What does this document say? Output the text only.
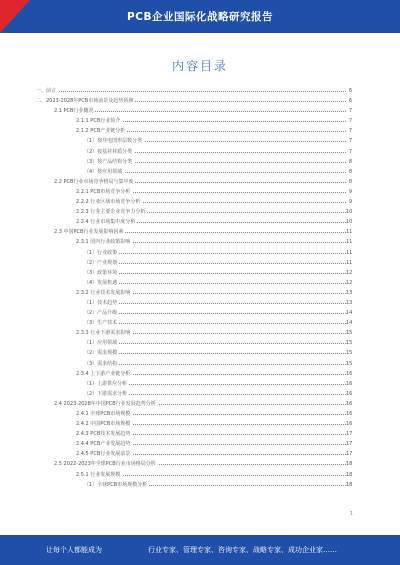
PCB企业国际化战略研究报告
内容目录
一、前言	6
二、2023-2028年PCB市场前景及趋势预测	6
2.1 PCB行业概况	7
2.1.1 PCB行业简介	7
2.1.2 PCB产业链分析	7
（1）按导电图形层数分类	7
（2）按基材材质分类	7
（3）按产品结构分类	8
（4）按应用领域	8
2.2 PCB行业市场竞争格局与集中度	8
2.2.1 PCB市场竞争分析	9
2.2.2 行业区域市场竞争分析	9
2.2.3 行业主要企业竞争力分析	10
2.2.4 行业市场集中度分析	10
2.3 中国PCB行业发展影响因素	11
2.3.1 国内行业政策影响	11
（1）行业政策	11
（2）产业规划	11
（3）政策环境	12
（4）发展机遇	12
2.3.2 行业技术发展影响	13
（1）技术趋势	13
（2）产品升级	14
（3）生产技术	14
2.3.3 行业下游需求影响	15
（1）应用领域	15
（2）需求规模	15
（3）需求结构	15
2.3.4 上下游产业链分析	16
（1）上游供应分析	16
（2）下游需求分析	16
2.4 2023-2028年中国PCB行业发展趋势分析	16
2.4.1 全球PCB市场规模	16
2.4.2 中国PCB市场规模	16
2.4.3 PCB技术发展趋势	17
2.4.4 PCB产业发展趋势	17
2.4.5 PCB行业发展前景	17
2.5 2022-2023年全球PCB行业市场格局分析	18
2.5.1 行业发展规模	18
（1）全球PCB市场规模分析	18
1
让每个人都能成为	行业专家、管理专家、咨询专家、战略专家、成功企业家……
